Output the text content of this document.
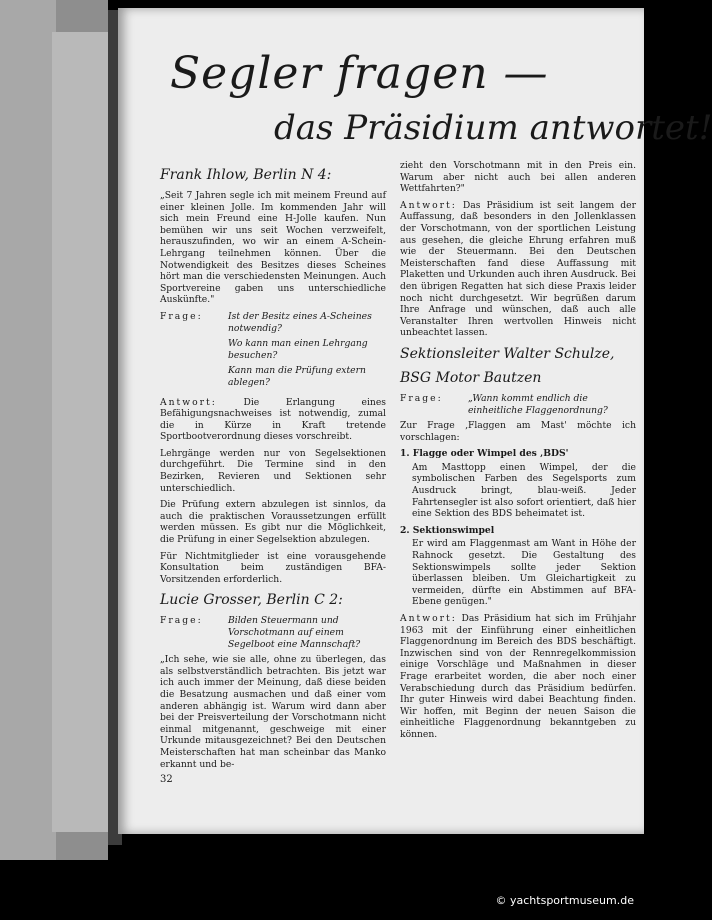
Segler fragen —
das Präsidium antwortet!
Frank Ihlow, Berlin N 4:

„Seit 7 Jahren segle ich mit meinem Freund auf einer kleinen Jolle. Im kommenden Jahr will sich mein Freund eine H-Jolle kaufen. Nun bemühen wir uns seit Wochen verzweifelt, herauszufinden, wo wir an einem A-Schein-Lehrgang teilnehmen können. Über die Notwendigkeit des Besitzes dieses Scheines hört man die verschiedensten Meinungen. Auch Sportvereine gaben uns unterschiedliche Auskünfte."

Frage:	Ist der Besitz eines A-Scheines notwendig?
Wo kann man einen Lehrgang besuchen?
Kann man die Prüfung extern ablegen?

Antwort:	Die Erlangung eines Befähigungsnachweises ist notwendig, zumal die in Kürze in Kraft tretende Sportbootverordnung dieses vorschreibt.

Lehrgänge werden nur von Segelsektionen durchgeführt. Die Termine sind in den Bezirken, Revieren und Sektionen sehr unterschiedlich.

Die Prüfung extern abzulegen ist sinnlos, da auch die praktischen Voraussetzungen erfüllt werden müssen. Es gibt nur die Möglichkeit, die Prüfung in einer Segelsektion abzulegen.

Für Nichtmitglieder ist eine vorausgehende Konsultation beim zuständigen BFA-Vorsitzenden erforderlich.

Lucie Grosser, Berlin C 2:
Frage:	Bilden Steuermann und Vorschotmann auf einem Segelboot eine Mannschaft?

„Ich sehe, wie sie alle, ohne zu überlegen, das als selbstverständlich betrachten. Bis jetzt war ich auch immer der Meinung, daß diese beiden die Besatzung ausmachen und daß einer vom anderen abhängig ist. Warum wird dann aber bei der Preisverteilung der Vorschotmann nicht einmal mitgenannt, geschweige mit einer Urkunde mitausgezeichnet? Bei den Deutschen Meisterschaften hat man scheinbar das Manko erkannt und be-

zieht den Vorschotmann mit in den Preis ein. Warum aber nicht auch bei allen anderen Wettfahrten?"

Antwort: Das Präsidium ist seit langem der Auffassung, daß besonders in den Jollenklassen der Vorschotmann, von der sportlichen Leistung aus gesehen, die gleiche Ehrung erfahren muß wie der Steuermann. Bei den Deutschen Meisterschaften fand diese Auffassung mit Plaketten und Urkunden auch ihren Ausdruck. Bei den übrigen Regatten hat sich diese Praxis leider noch nicht durchgesetzt. Wir begrüßen darum Ihre Anfrage und wünschen, daß auch alle Veranstalter Ihren wertvollen Hinweis nicht unbeachtet lassen.

Sektionsleiter Walter Schulze,
BSG Motor Bautzen
Frage:	„Wann kommt endlich die einheitliche Flaggenordnung?

Zur Frage ‚Flaggen am Mast' möchte ich vorschlagen:

1. Flagge oder Wimpel des ‚BDS'

Am Masttopp einen Wimpel, der die symbolischen Farben des Segelsports zum Ausdruck bringt, blau-weiß. Jeder Fahrtensegler ist also sofort orientiert, daß hier eine Sektion des BDS beheimatet ist.

2. Sektionswimpel

Er wird am Flaggenmast am Want in Höhe der Rahnock gesetzt. Die Gestaltung des Sektionswimpels sollte jeder Sektion überlassen bleiben. Um Gleichartigkeit zu vermeiden, dürfte ein Abstimmen auf BFA-Ebene genügen."

Antwort: Das Präsidium hat sich im Frühjahr 1963 mit der Einführung einer einheitlichen Flaggenordnung im Bereich des BDS beschäftigt. Inzwischen sind von der Rennregelkommission einige Vorschläge und Maßnahmen in dieser Frage erarbeitet worden, die aber noch einer Verabschiedung durch das Präsidium bedürfen. Ihr guter Hinweis wird dabei Beachtung finden. Wir hoffen, mit Beginn der neuen Saison die einheitliche Flaggenordnung bekanntgeben zu können.

32
© yachtsportmuseum.de
